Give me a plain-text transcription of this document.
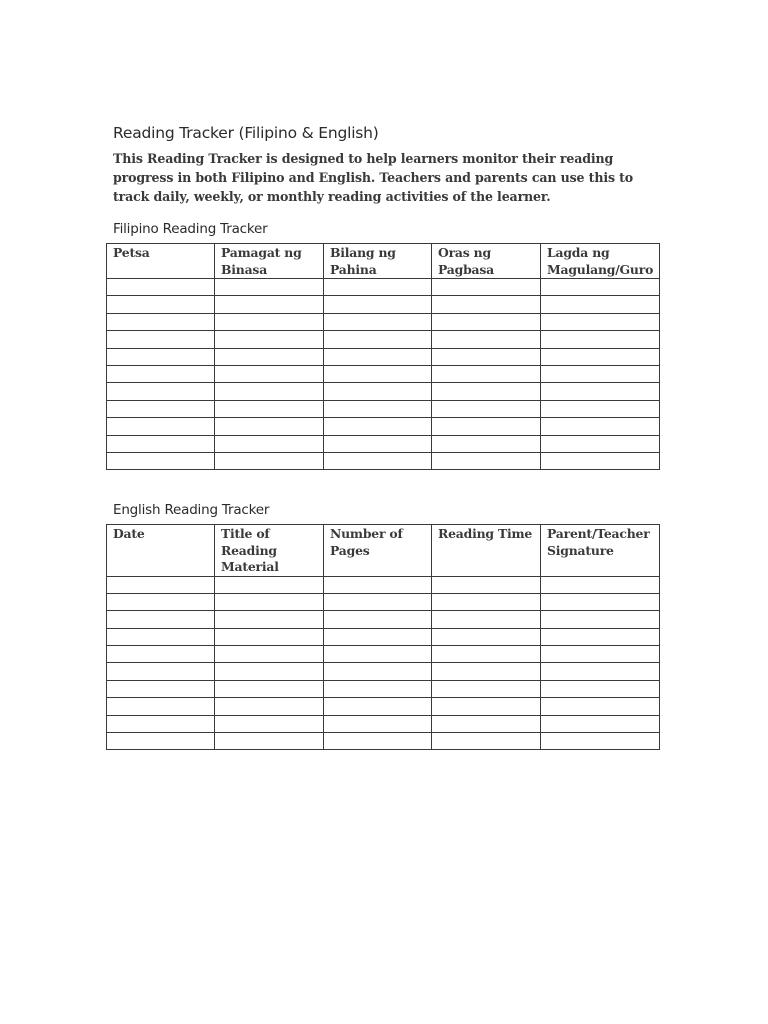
Reading Tracker (Filipino & English)

This Reading Tracker is designed to help learners monitor their reading progress in both Filipino and English. Teachers and parents can use this to track daily, weekly, or monthly reading activities of the learner.

Filipino Reading Tracker
Petsa	Pamagat ng Binasa	Bilang ng Pahina	Oras ng Pagbasa	Lagda ng Magulang/Guro

English Reading Tracker
Date	Title of Reading Material	Number of Pages	Reading Time	Parent/Teacher Signature
